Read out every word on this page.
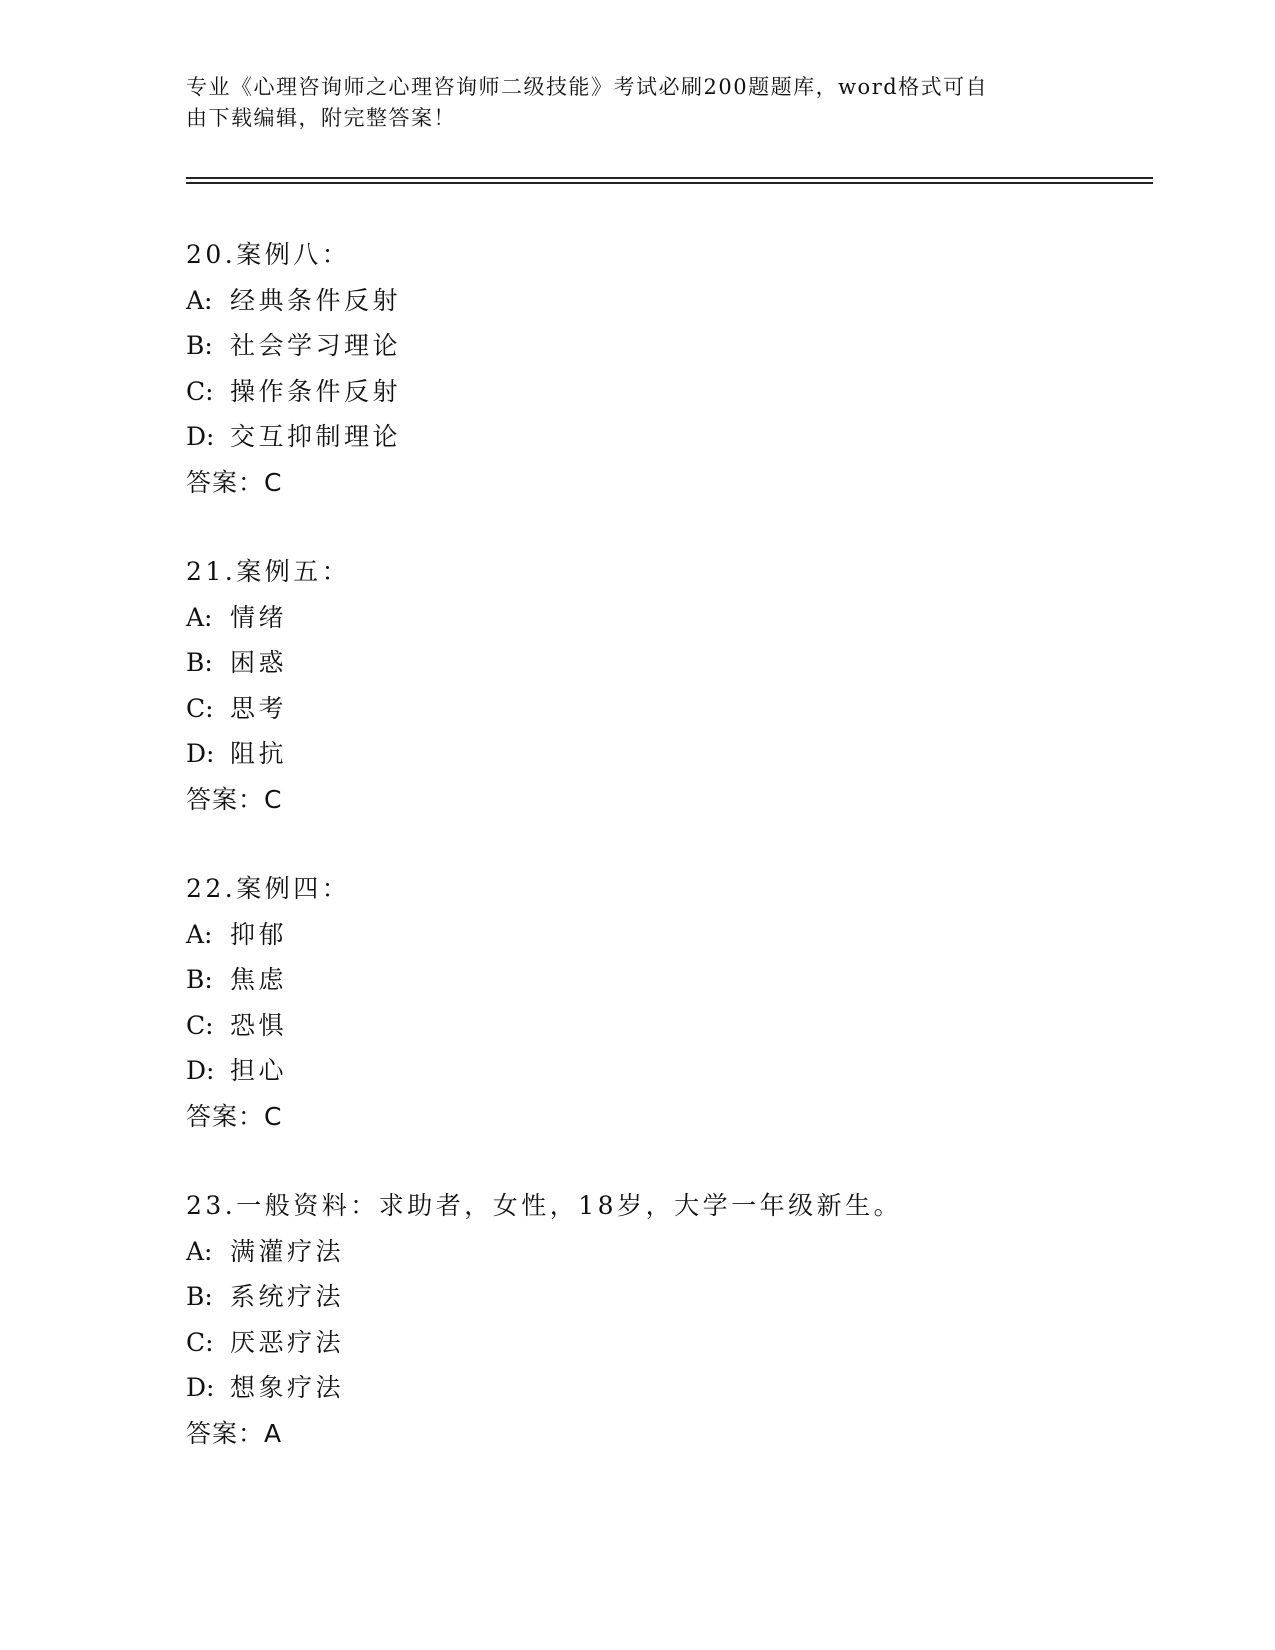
专业《心理咨询师之心理咨询师二级技能》考试必刷200题题库，word格式可自
由下载编辑，附完整答案！
20.案例八：
A: 经典条件反射
B: 社会学习理论
C: 操作条件反射
D: 交互抑制理论
答案：C
21.案例五：
A: 情绪
B: 困惑
C: 思考
D: 阻抗
答案：C
22.案例四：
A: 抑郁
B: 焦虑
C: 恐惧
D: 担心
答案：C
23.一般资料：求助者，女性，18岁，大学一年级新生。
A: 满灌疗法
B: 系统疗法
C: 厌恶疗法
D: 想象疗法
答案：A
